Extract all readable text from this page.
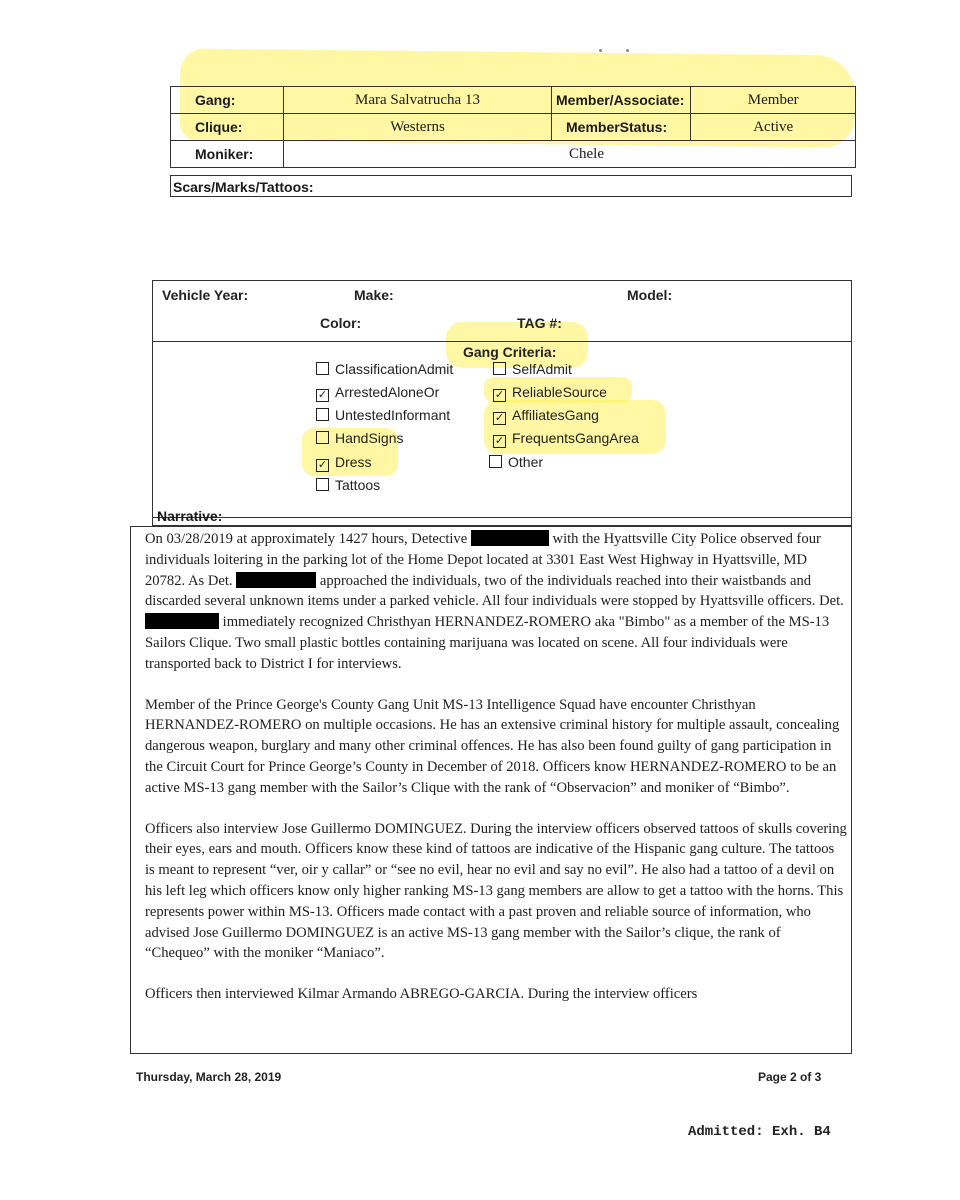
Gang:	Mara Salvatrucha 13	Member/Associate:	Member
Clique:	Westerns	MemberStatus:	Active
Moniker:	Chele		
Scars/Marks/Tattoos:
Vehicle Year:	Make:	Model:
Color:	TAG #:
Gang Criteria:
ClassificationAdmit
✓ ArrestedAloneOr
UntestedInformant
HandSigns
✓ Dress
Tattoos
SelfAdmit
✓ ReliableSource
✓ AffiliatesGang
✓ FrequentsGangArea
Other
Narrative:

On 03/28/2019 at approximately 1427 hours, Detective	with the Hyattsville City Police observed four individuals loitering in the parking lot of the Home Depot located at 3301 East West Highway in Hyattsville, MD 20782. As Det.	approached the individuals, two of the individuals reached into their waistbands and discarded several unknown items under a parked vehicle. All four individuals were stopped by Hyattsville officers. Det.  immediately recognized Christhyan HERNANDEZ-ROMERO aka "Bimbo" as a member of the MS-13 Sailors Clique. Two small plastic bottles containing marijuana was located on scene. All four individuals were transported back to District I for interviews.

Member of the Prince George's County Gang Unit MS-13 Intelligence Squad have encounter Christhyan HERNANDEZ-ROMERO on multiple occasions. He has an extensive criminal history for multiple assault, concealing dangerous weapon, burglary and many other criminal offences. He has also been found guilty of gang participation in the Circuit Court for Prince George’s County in December of 2018. Officers know HERNANDEZ-ROMERO to be an active MS-13 gang member with the Sailor’s Clique with the rank of “Observacion” and moniker of “Bimbo”.

Officers also interview Jose Guillermo DOMINGUEZ. During the interview officers observed tattoos of skulls covering their eyes, ears and mouth. Officers know these kind of tattoos are indicative of the Hispanic gang culture. The tattoos is meant to represent “ver, oir y callar” or “see no evil, hear no evil and say no evil”. He also had a tattoo of a devil on his left leg which officers know only higher ranking MS-13 gang members are allow to get a tattoo with the horns. This represents power within MS-13. Officers made contact with a past proven and reliable source of information, who advised Jose Guillermo DOMINGUEZ is an active MS-13 gang member with the Sailor’s clique, the rank of “Chequeo” with the moniker “Maniaco”.

Officers then interviewed Kilmar Armando ABREGO-GARCIA. During the interview officers

Thursday, March 28, 2019	Page 2 of 3
Admitted: Exh. B4
